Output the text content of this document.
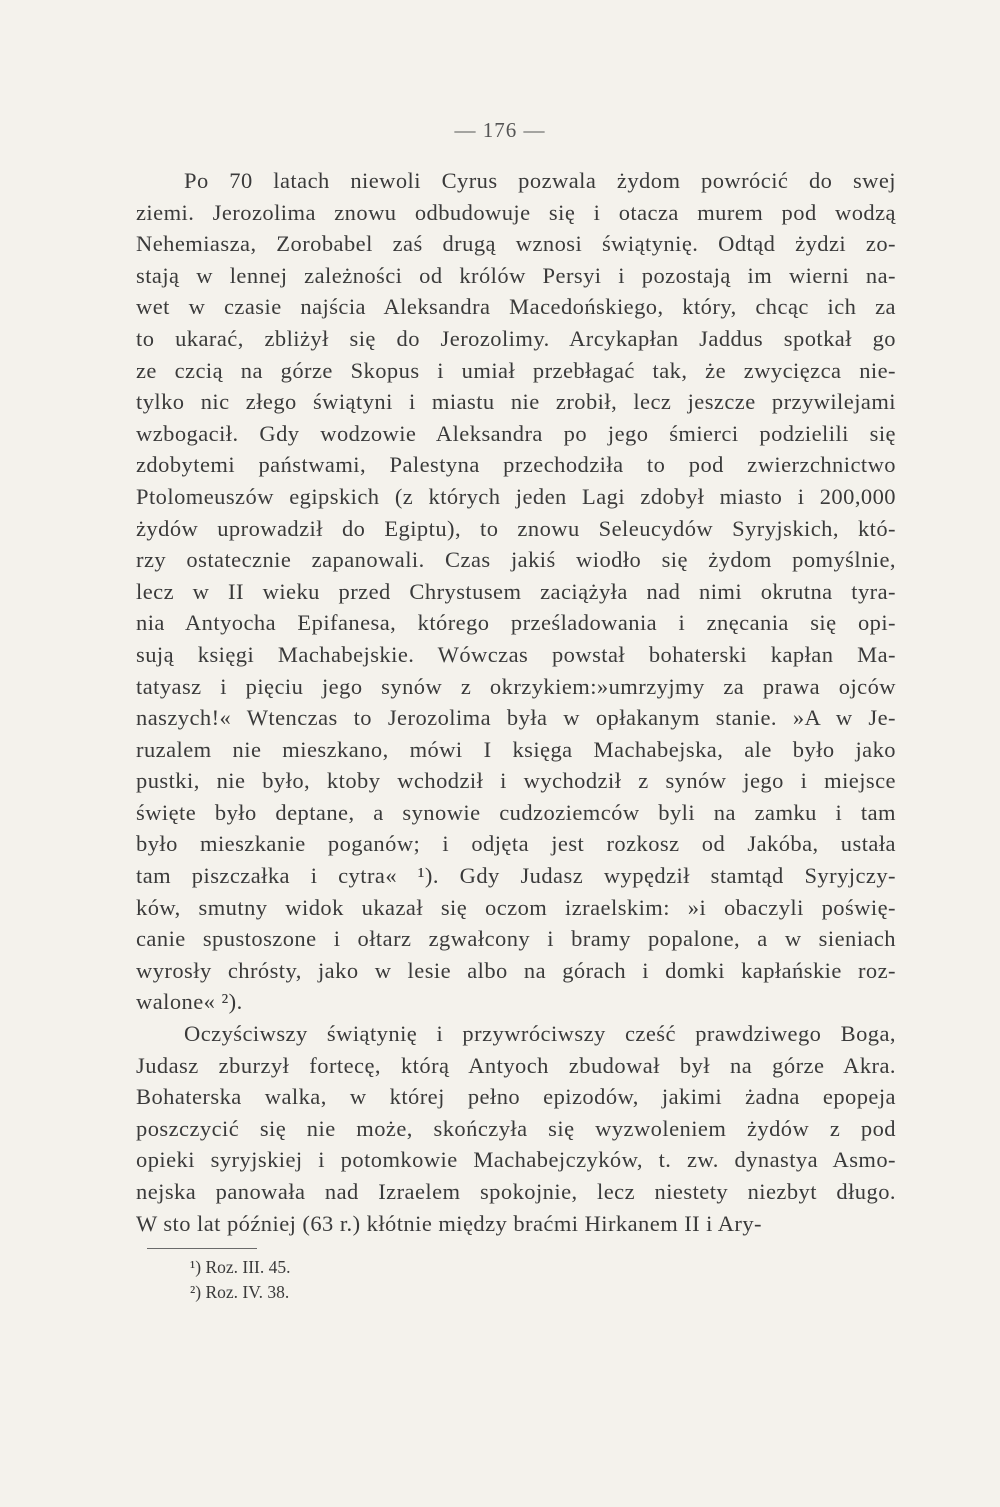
— 176 —
Po 70 latach niewoli Cyrus pozwala żydom powrócić do swej
ziemi. Jerozolima znowu odbudowuje się i otacza murem pod wodzą
Nehemiasza, Zorobabel zaś drugą wznosi świątynię. Odtąd żydzi zo-
stają w lennej zależności od królów Persyi i pozostają im wierni na-
wet w czasie najścia Aleksandra Macedońskiego, który, chcąc ich za
to ukarać, zbliżył się do Jerozolimy. Arcykapłan Jaddus spotkał go
ze czcią na górze Skopus i umiał przebłagać tak, że zwycięzca nie-
tylko nic złego świątyni i miastu nie zrobił, lecz jeszcze przywilejami
wzbogacił. Gdy wodzowie Aleksandra po jego śmierci podzielili się
zdobytemi państwami, Palestyna przechodziła to pod zwierzchnictwo
Ptolomeuszów egipskich (z których jeden Lagi zdobył miasto i 200,000
żydów uprowadził do Egiptu), to znowu Seleucydów Syryjskich, któ-
rzy ostatecznie zapanowali. Czas jakiś wiodło się żydom pomyślnie,
lecz w II wieku przed Chrystusem zaciążyła nad nimi okrutna tyra-
nia Antyocha Epifanesa, którego prześladowania i znęcania się opi-
sują księgi Machabejskie. Wówczas powstał bohaterski kapłan Ma-
tatyasz i pięciu jego synów z okrzykiem:»umrzyjmy za prawa ojców
naszych!« Wtenczas to Jerozolima była w opłakanym stanie. »A w Je-
ruzalem nie mieszkano, mówi I księga Machabejska, ale było jako
pustki, nie było, ktoby wchodził i wychodził z synów jego i miejsce
święte było deptane, a synowie cudzoziemców byli na zamku i tam
było mieszkanie poganów; i odjęta jest rozkosz od Jakóba, ustała
tam piszczałka i cytra« ¹). Gdy Judasz wypędził stamtąd Syryjczy-
ków, smutny widok ukazał się oczom izraelskim: »i obaczyli poświę-
canie spustoszone i ołtarz zgwałcony i bramy popalone, a w sieniach
wyrosły chrósty, jako w lesie albo na górach i domki kapłańskie roz-
walone« ²).
Oczyściwszy świątynię i przywróciwszy cześć prawdziwego Boga,
Judasz zburzył fortecę, którą Antyoch zbudował był na górze Akra.
Bohaterska walka, w której pełno epizodów, jakimi żadna epopeja
poszczycić się nie może, skończyła się wyzwoleniem żydów z pod
opieki syryjskiej i potomkowie Machabejczyków, t. zw. dynastya Asmo-
nejska panowała nad Izraelem spokojnie, lecz niestety niezbyt długo.
W sto lat później (63 r.) kłótnie między braćmi Hirkanem II i Ary-
¹) Roz. III. 45.
²) Roz. IV. 38.
